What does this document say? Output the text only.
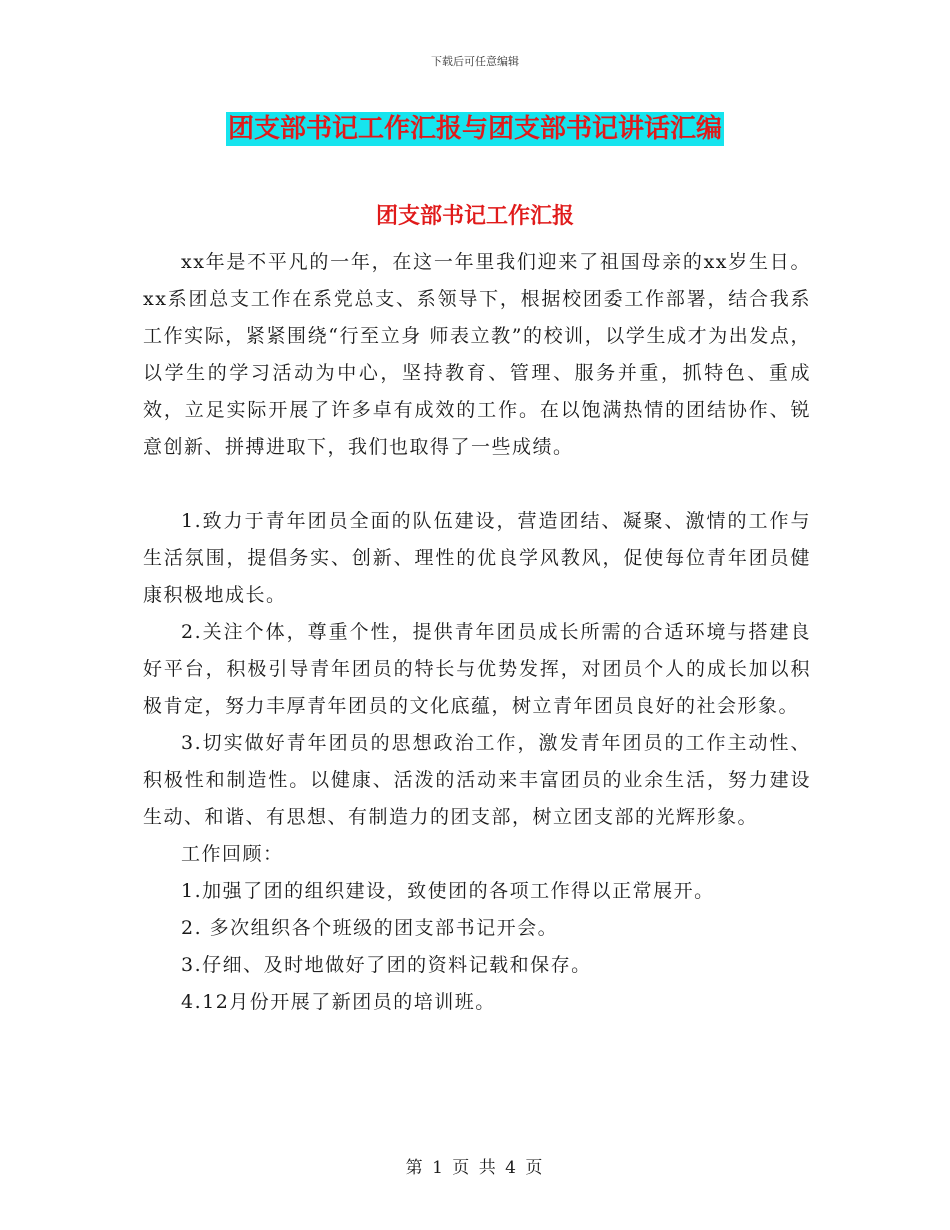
下载后可任意编辑
团支部书记工作汇报与团支部书记讲话汇编
团支部书记工作汇报

xx年是不平凡的一年，在这一年里我们迎来了祖国母亲的xx岁生日。xx系团总支工作在系党总支、系领导下，根据校团委工作部署，结合我系工作实际，紧紧围绕“行至立身 师表立教”的校训，以学生成才为出发点，以学生的学习活动为中心，坚持教育、管理、服务并重，抓特色、重成效，立足实际开展了许多卓有成效的工作。在以饱满热情的团结协作、锐意创新、拼搏进取下，我们也取得了一些成绩。

1.致力于青年团员全面的队伍建设，营造团结、凝聚、激情的工作与生活氛围，提倡务实、创新、理性的优良学风教风，促使每位青年团员健康积极地成长。

2.关注个体，尊重个性，提供青年团员成长所需的合适环境与搭建良好平台，积极引导青年团员的特长与优势发挥，对团员个人的成长加以积极肯定，努力丰厚青年团员的文化底蕴，树立青年团员良好的社会形象。

3.切实做好青年团员的思想政治工作，激发青年团员的工作主动性、积极性和制造性。以健康、活泼的活动来丰富团员的业余生活，努力建设生动、和谐、有思想、有制造力的团支部，树立团支部的光辉形象。

工作回顾：

1.加强了团的组织建设，致使团的各项工作得以正常展开。

2. 多次组织各个班级的团支部书记开会。

3.仔细、及时地做好了团的资料记载和保存。

4.12月份开展了新团员的培训班。

第 1 页 共 4 页
